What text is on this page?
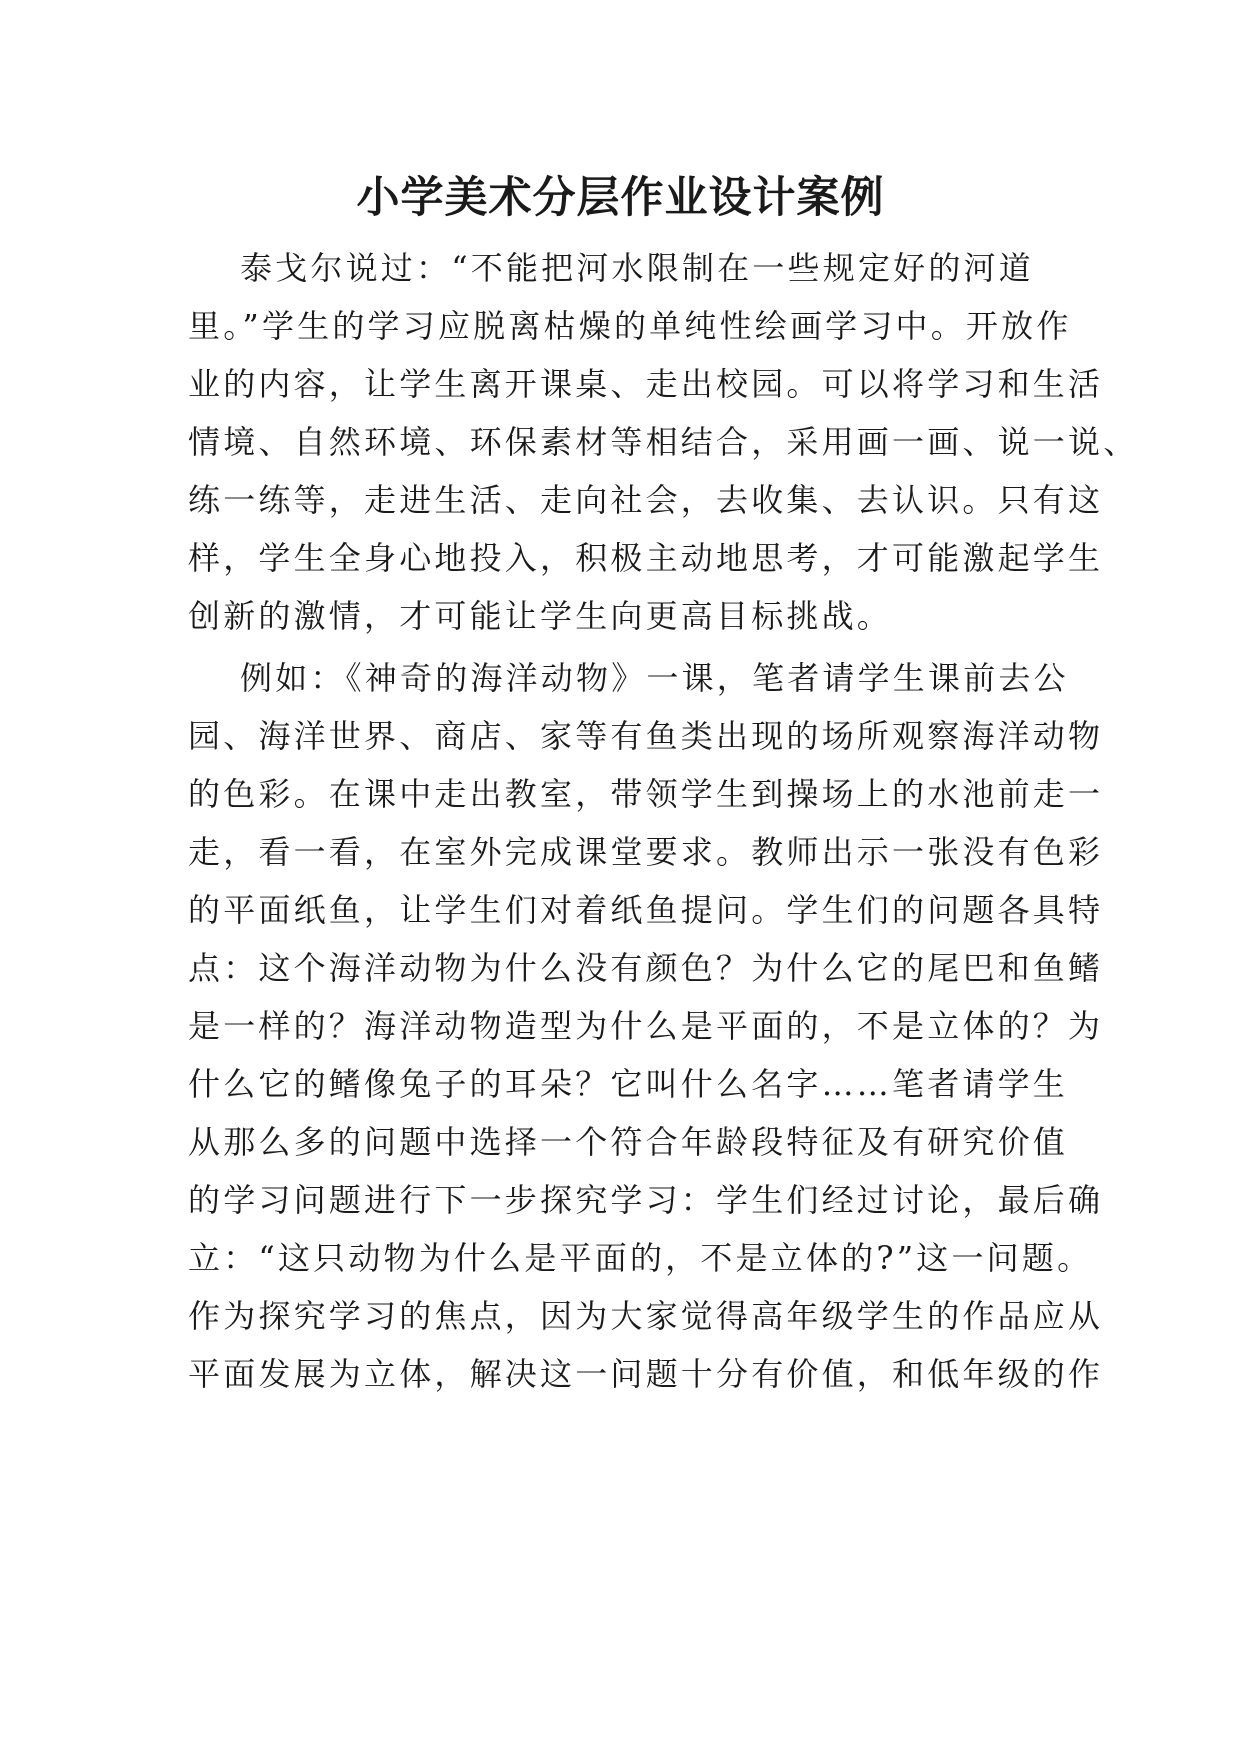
小学美术分层作业设计案例
泰戈尔说过：“不能把河水限制在一些规定好的河道
里。”学生的学习应脱离枯燥的单纯性绘画学习中。开放作
业的内容，让学生离开课桌、走出校园。可以将学习和生活
情境、自然环境、环保素材等相结合，采用画一画、说一说、
练一练等，走进生活、走向社会，去收集、去认识。只有这
样，学生全身心地投入，积极主动地思考，才可能激起学生
创新的激情，才可能让学生向更高目标挑战。
例如：《神奇的海洋动物》一课，笔者请学生课前去公
园、海洋世界、商店、家等有鱼类出现的场所观察海洋动物
的色彩。在课中走出教室，带领学生到操场上的水池前走一
走，看一看，在室外完成课堂要求。教师出示一张没有色彩
的平面纸鱼，让学生们对着纸鱼提问。学生们的问题各具特
点：这个海洋动物为什么没有颜色？为什么它的尾巴和鱼鳍
是一样的？海洋动物造型为什么是平面的，不是立体的？为
什么它的鳍像兔子的耳朵？它叫什么名字……笔者请学生
从那么多的问题中选择一个符合年龄段特征及有研究价值
的学习问题进行下一步探究学习：学生们经过讨论，最后确
立：“这只动物为什么是平面的，不是立体的?”这一问题。
作为探究学习的焦点，因为大家觉得高年级学生的作品应从
平面发展为立体，解决这一问题十分有价值，和低年级的作
